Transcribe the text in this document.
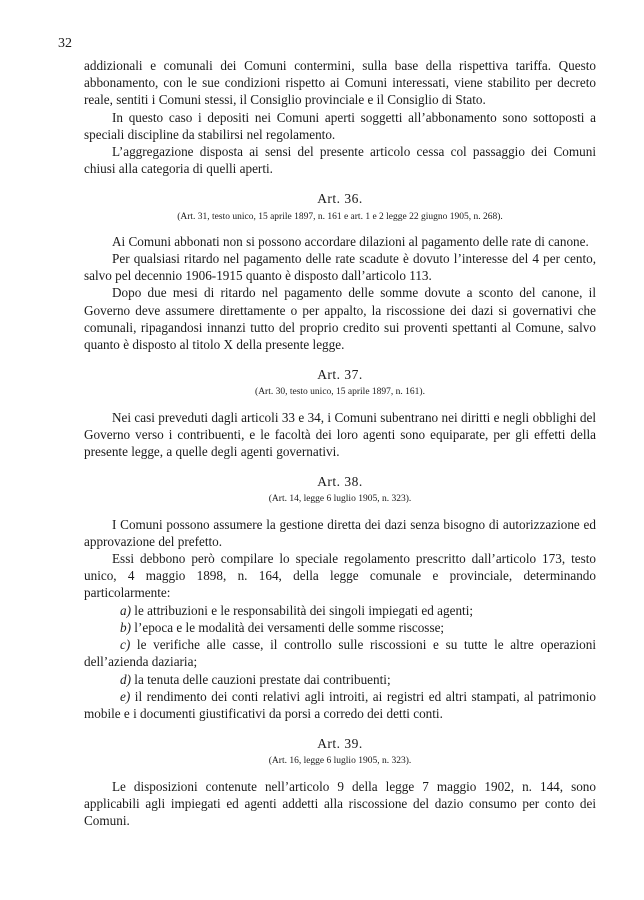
32

addizionali e comunali dei Comuni contermini, sulla base della rispettiva tariffa. Questo abbonamento, con le sue condizioni rispetto ai Comuni interessati, viene stabilito per decreto reale, sentiti i Comuni stessi, il Consiglio provinciale e il Consiglio di Stato.

In questo caso i depositi nei Comuni aperti soggetti all’abbonamento sono sottoposti a speciali discipline da stabilirsi nel regolamento.

L’aggregazione disposta ai sensi del presente articolo cessa col passaggio dei Comuni chiusi alla categoria di quelli aperti.

Art. 36.
(Art. 31, testo unico, 15 aprile 1897, n. 161 e art. 1 e 2 legge 22 giugno 1905, n. 268).

Ai Comuni abbonati non si possono accordare dilazioni al pagamento delle rate di canone.

Per qualsiasi ritardo nel pagamento delle rate scadute è dovuto l’interesse del 4 per cento, salvo pel decennio 1906-1915 quanto è disposto dall’articolo 113.

Dopo due mesi di ritardo nel pagamento delle somme dovute a sconto del canone, il Governo deve assumere direttamente o per appalto, la riscossione dei dazi si governativi che comunali, ripagandosi innanzi tutto del proprio credito sui proventi spettanti al Comune, salvo quanto è disposto al titolo X della presente legge.

Art. 37.
(Art. 30, testo unico, 15 aprile 1897, n. 161).

Nei casi preveduti dagli articoli 33 e 34, i Comuni subentrano nei diritti e negli obblighi del Governo verso i contribuenti, e le facoltà dei loro agenti sono equiparate, per gli effetti della presente legge, a quelle degli agenti governativi.

Art. 38.
(Art. 14, legge 6 luglio 1905, n. 323).

I Comuni possono assumere la gestione diretta dei dazi senza bisogno di autorizzazione ed approvazione del prefetto.

Essi debbono però compilare lo speciale regolamento prescritto dall’articolo 173, testo unico, 4 maggio 1898, n. 164, della legge comunale e provinciale, determinando particolarmente:

a) le attribuzioni e le responsabilità dei singoli impiegati ed agenti;

b) l’epoca e le modalità dei versamenti delle somme riscosse;

c) le verifiche alle casse, il controllo sulle riscossioni e su tutte le altre operazioni dell’azienda daziaria;

d) la tenuta delle cauzioni prestate dai contribuenti;

e) il rendimento dei conti relativi agli introiti, ai registri ed altri stampati, al patrimonio mobile e i documenti giustificativi da porsi a corredo dei detti conti.

Art. 39.
(Art. 16, legge 6 luglio 1905, n. 323).

Le disposizioni contenute nell’articolo 9 della legge 7 maggio 1902, n. 144, sono applicabili agli impiegati ed agenti addetti alla riscossione del dazio consumo per conto dei Comuni.
